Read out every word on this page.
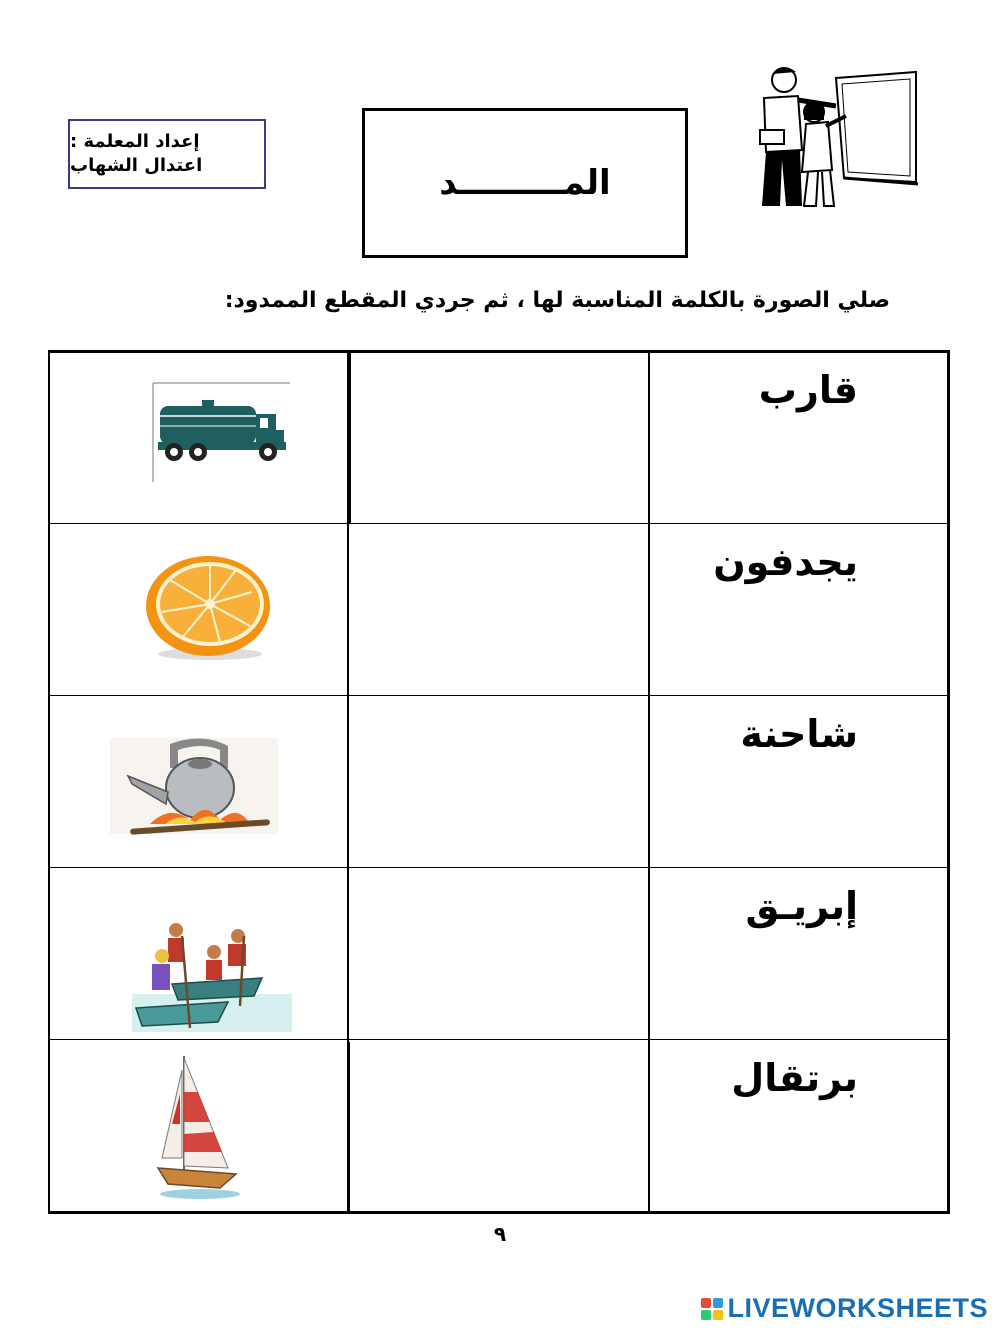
إعداد المعلمة :
اعتدال الشهاب	المـــــــــد
صلي الصورة بالكلمة المناسبة لها ، ثم جردي المقطع الممدود:
قارب
يجدفون
شاحنة
إبريـق
برتقال
٩
LIVEWORKSHEETS
